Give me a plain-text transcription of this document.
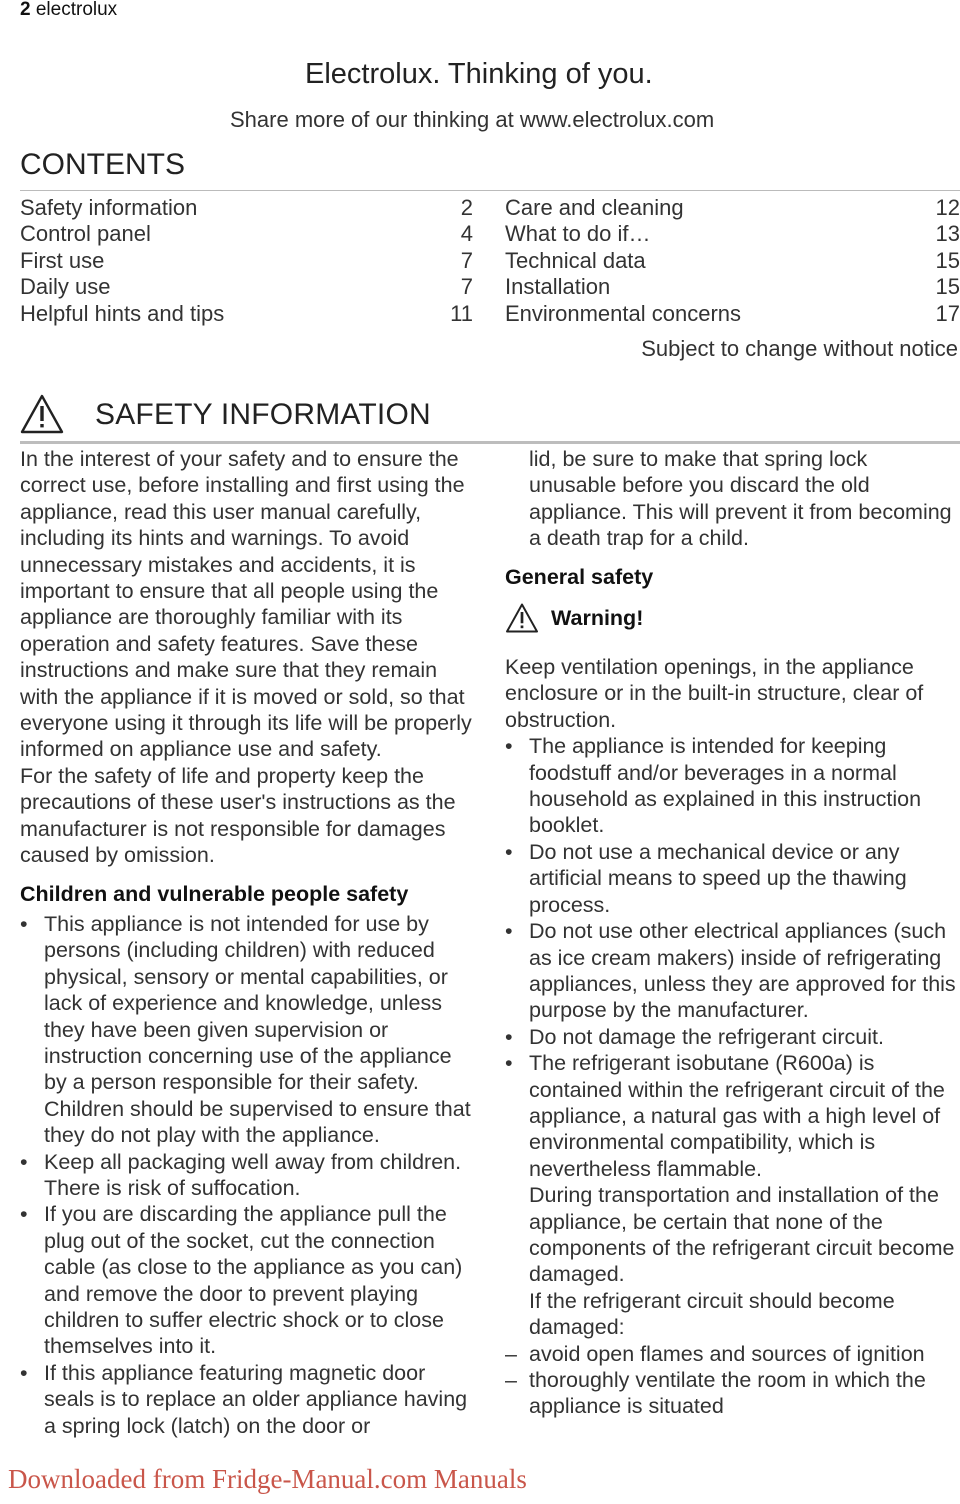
2 electrolux
Electrolux. Thinking of you.
Share more of our thinking at www.electrolux.com
CONTENTS
Safety information	2
Control panel	4
First use	7
Daily use	7
Helpful hints and tips	11
Care and cleaning	12
What to do if…	13
Technical data	15
Installation	15
Environmental concerns	17
Subject to change without notice
SAFETY INFORMATION

In the interest of your safety and to ensure the correct use, before installing and first using the appliance, read this user manual carefully, including its hints and warnings. To avoid unnecessary mistakes and accidents, it is important to ensure that all people using the appliance are thoroughly familiar with its operation and safety features. Save these instructions and make sure that they remain with the appliance if it is moved or sold, so that everyone using it through its life will be properly informed on appliance use and safety.

For the safety of life and property keep the precautions of these user's instructions as the manufacturer is not responsible for damages caused by omission.

Children and vulnerable people safety

• This appliance is not intended for use by persons (including children) with reduced physical, sensory or mental capabilities, or lack of experience and knowledge, unless they have been given supervision or instruction concerning use of the appliance by a person responsible for their safety.
Children should be supervised to ensure that they do not play with the appliance.
• Keep all packaging well away from children. There is risk of suffocation.
• If you are discarding the appliance pull the plug out of the socket, cut the connection cable (as close to the appliance as you can) and remove the door to prevent playing children to suffer electric shock or to close themselves into it.
• If this appliance featuring magnetic door seals is to replace an older appliance having a spring lock (latch) on the door or

lid, be sure to make that spring lock unusable before you discard the old appliance. This will prevent it from becoming a death trap for a child.

General safety

Warning!

Keep ventilation openings, in the appliance enclosure or in the built-in structure, clear of obstruction.

• The appliance is intended for keeping foodstuff and/or beverages in a normal household as explained in this instruction booklet.
• Do not use a mechanical device or any artificial means to speed up the thawing process.
• Do not use other electrical appliances (such as ice cream makers) inside of refrigerating appliances, unless they are approved for this purpose by the manufacturer.
• Do not damage the refrigerant circuit.
• The refrigerant isobutane (R600a) is contained within the refrigerant circuit of the appliance, a natural gas with a high level of environmental compatibility, which is nevertheless flammable.
During transportation and installation of the appliance, be certain that none of the components of the refrigerant circuit become damaged.
If the refrigerant circuit should become damaged:
– avoid open flames and sources of ignition
– thoroughly ventilate the room in which the appliance is situated
Downloaded from Fridge-Manual.com Manuals
